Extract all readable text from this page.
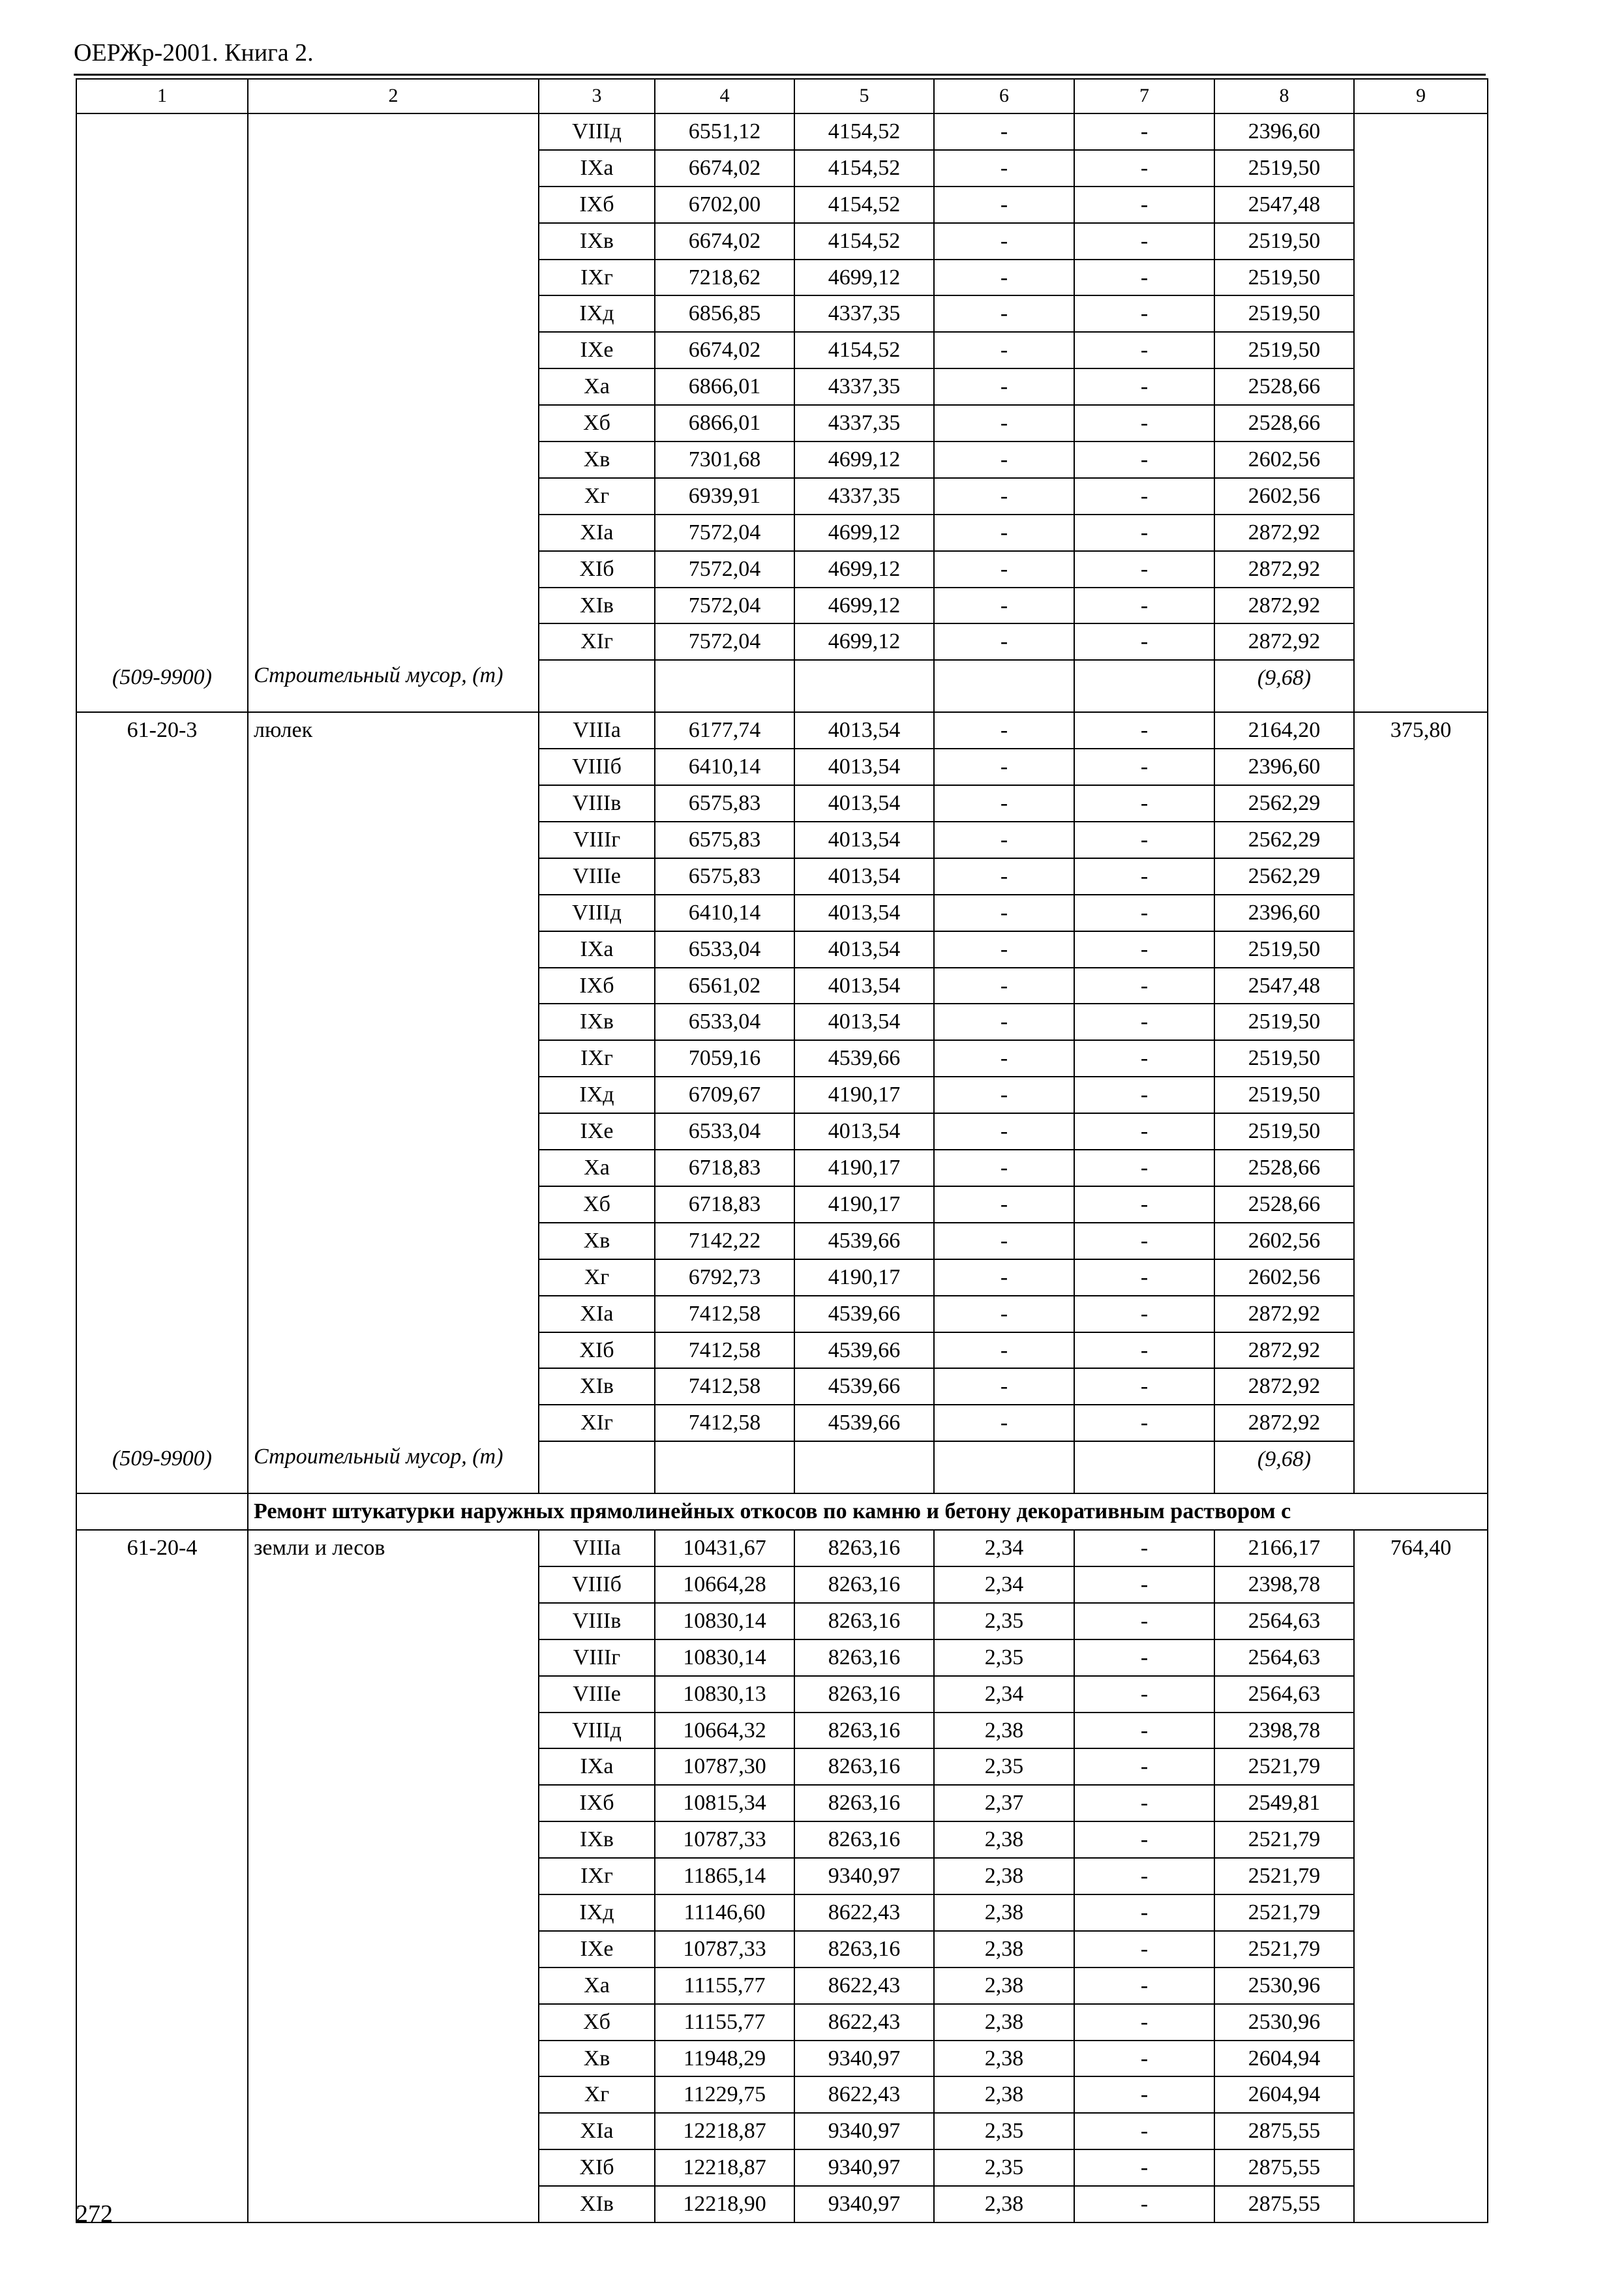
ОЕРЖр-2001. Книга 2.
1	2	3	4	5	6	7	8	9
		VIIIд	6551,12	4154,52	-	-	2396,60	
		IXа	6674,02	4154,52	-	-	2519,50	
		IXб	6702,00	4154,52	-	-	2547,48	
		IXв	6674,02	4154,52	-	-	2519,50	
		IXг	7218,62	4699,12	-	-	2519,50	
		IXд	6856,85	4337,35	-	-	2519,50	
		IXе	6674,02	4154,52	-	-	2519,50	
		Xа	6866,01	4337,35	-	-	2528,66	
		Xб	6866,01	4337,35	-	-	2528,66	
		Xв	7301,68	4699,12	-	-	2602,56	
		Xг	6939,91	4337,35	-	-	2602,56	
		XIа	7572,04	4699,12	-	-	2872,92	
		XIб	7572,04	4699,12	-	-	2872,92	
		XIв	7572,04	4699,12	-	-	2872,92	
		XIг	7572,04	4699,12	-	-	2872,92	
(509-9900)	Строительный мусор, (т)						(9,68)	
61-20-3	люлек	VIIIа	6177,74	4013,54	-	-	2164,20	375,80
		VIIIб	6410,14	4013,54	-	-	2396,60	
		VIIIв	6575,83	4013,54	-	-	2562,29	
		VIIIг	6575,83	4013,54	-	-	2562,29	
		VIIIе	6575,83	4013,54	-	-	2562,29	
		VIIIд	6410,14	4013,54	-	-	2396,60	
		IXа	6533,04	4013,54	-	-	2519,50	
		IXб	6561,02	4013,54	-	-	2547,48	
		IXв	6533,04	4013,54	-	-	2519,50	
		IXг	7059,16	4539,66	-	-	2519,50	
		IXд	6709,67	4190,17	-	-	2519,50	
		IXе	6533,04	4013,54	-	-	2519,50	
		Xа	6718,83	4190,17	-	-	2528,66	
		Xб	6718,83	4190,17	-	-	2528,66	
		Xв	7142,22	4539,66	-	-	2602,56	
		Xг	6792,73	4190,17	-	-	2602,56	
		XIа	7412,58	4539,66	-	-	2872,92	
		XIб	7412,58	4539,66	-	-	2872,92	
		XIв	7412,58	4539,66	-	-	2872,92	
		XIг	7412,58	4539,66	-	-	2872,92	
(509-9900)	Строительный мусор, (т)						(9,68)	
	Ремонт штукатурки наружных прямолинейных откосов по камню и бетону декоративным раствором с							
61-20-4	земли и лесов	VIIIа	10431,67	8263,16	2,34	-	2166,17	764,40
		VIIIб	10664,28	8263,16	2,34	-	2398,78	
		VIIIв	10830,14	8263,16	2,35	-	2564,63	
		VIIIг	10830,14	8263,16	2,35	-	2564,63	
		VIIIе	10830,13	8263,16	2,34	-	2564,63	
		VIIIд	10664,32	8263,16	2,38	-	2398,78	
		IXа	10787,30	8263,16	2,35	-	2521,79	
		IXб	10815,34	8263,16	2,37	-	2549,81	
		IXв	10787,33	8263,16	2,38	-	2521,79	
		IXг	11865,14	9340,97	2,38	-	2521,79	
		IXд	11146,60	8622,43	2,38	-	2521,79	
		IXе	10787,33	8263,16	2,38	-	2521,79	
		Xа	11155,77	8622,43	2,38	-	2530,96	
		Xб	11155,77	8622,43	2,38	-	2530,96	
		Xв	11948,29	9340,97	2,38	-	2604,94	
		Xг	11229,75	8622,43	2,38	-	2604,94	
		XIа	12218,87	9340,97	2,35	-	2875,55	
		XIб	12218,87	9340,97	2,35	-	2875,55	
		XIв	12218,90	9340,97	2,38	-	2875,55	
272
